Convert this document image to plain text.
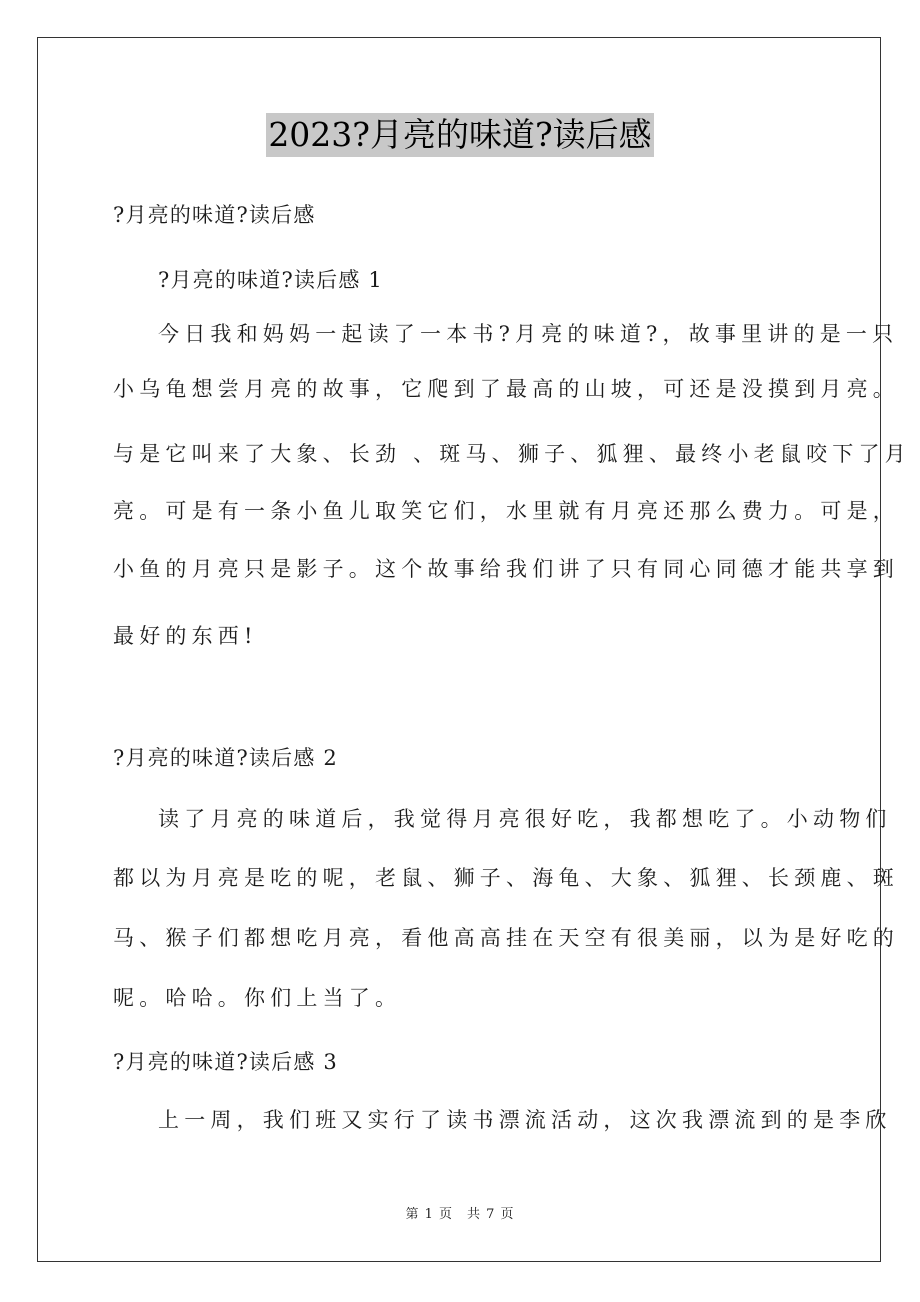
2023?月亮的味道?读后感
?月亮的味道?读后感
?月亮的味道?读后感 1
今日我和妈妈一起读了一本书?月亮的味道?，故事里讲的是一只
小乌龟想尝月亮的故事，它爬到了最高的山坡，可还是没摸到月亮。
与是它叫来了大象、长劲 、斑马、狮子、狐狸、最终小老鼠咬下了月
亮。可是有一条小鱼儿取笑它们，水里就有月亮还那么费力。可是，
小鱼的月亮只是影子。这个故事给我们讲了只有同心同德才能共享到
最好的东西!
?月亮的味道?读后感 2
读了月亮的味道后，我觉得月亮很好吃，我都想吃了。小动物们
都以为月亮是吃的呢，老鼠、狮子、海龟、大象、狐狸、长颈鹿、斑
马、猴子们都想吃月亮，看他高高挂在天空有很美丽，以为是好吃的
呢。哈哈。你们上当了。
?月亮的味道?读后感 3
上一周，我们班又实行了读书漂流活动，这次我漂流到的是李欣
第 1 页 共 7 页
